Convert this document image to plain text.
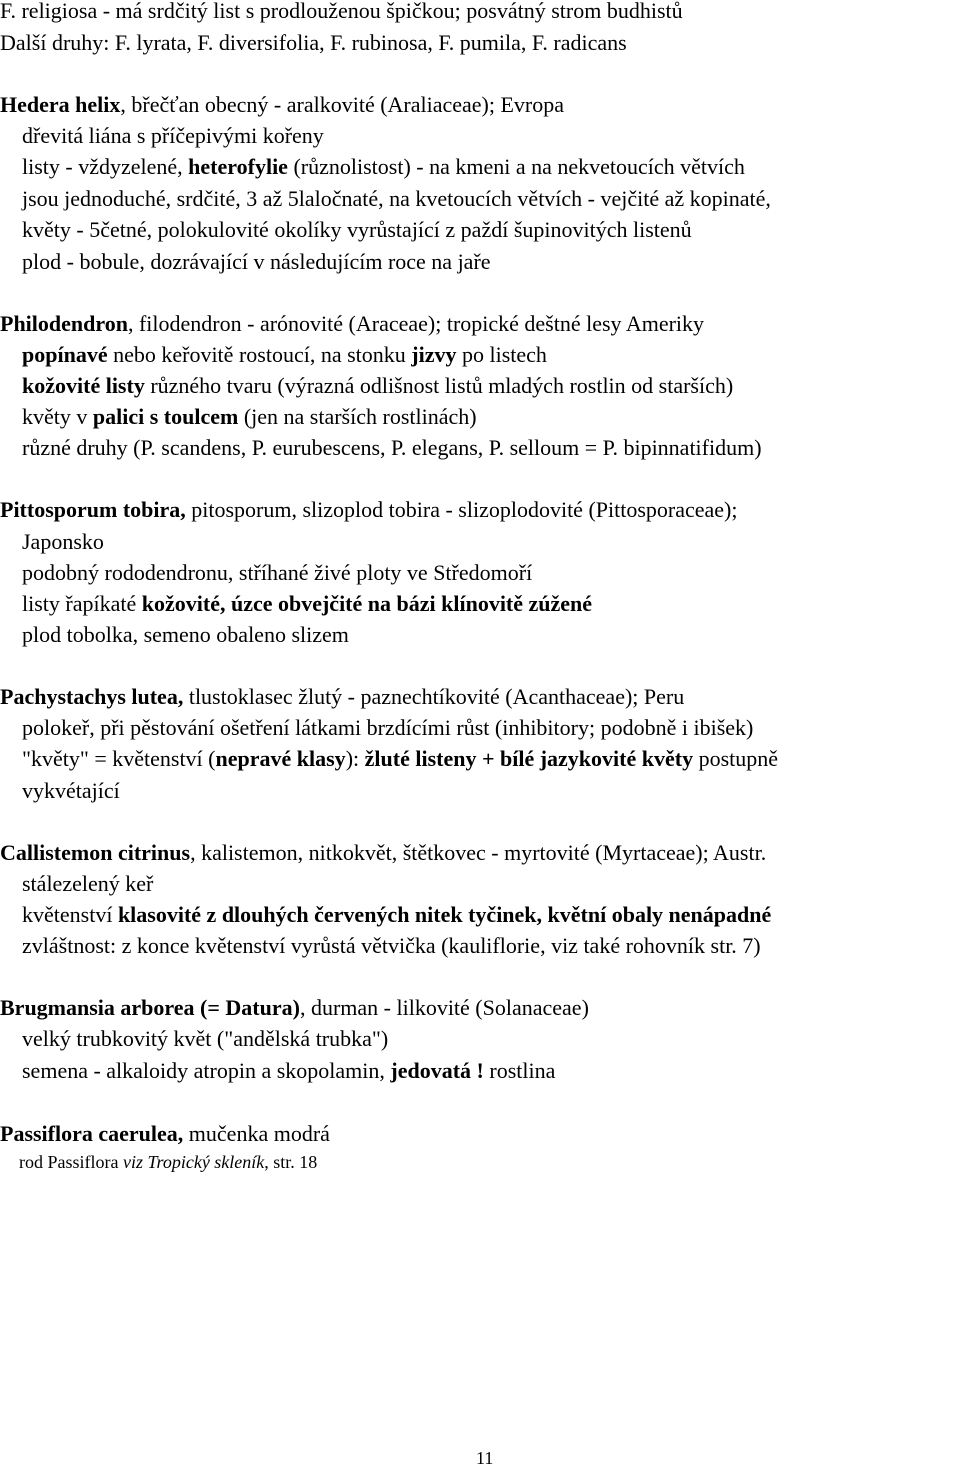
F. religiosa - má srdčitý list s prodlouženou špičkou; posvátný strom budhistů
Další druhy: F. lyrata, F. diversifolia, F. rubinosa, F. pumila, F. radicans
Hedera helix, břečťan obecný - aralkovité (Araliaceae); Evropa
dřevitá liána s příčepivými kořeny
listy - vždyzelené, heterofylie (různolistost) - na kmeni a na nekvetoucích větvích
jsou jednoduché, srdčité, 3 až 5laločnaté, na kvetoucích větvích - vejčité až kopinaté,
květy - 5četné, polokulovité okolíky vyrůstající z paždí šupinovitých listenů
plod - bobule, dozrávající v následujícím roce na jaře
Philodendron, filodendron - arónovité (Araceae); tropické deštné lesy Ameriky
popínavé nebo keřovitě rostoucí, na stonku jizvy po listech
kožovité listy různého tvaru (výrazná odlišnost listů mladých rostlin od starších)
květy v palici s toulcem (jen na starších rostlinách)
různé druhy (P. scandens, P. eurubescens, P. elegans, P. selloum = P. bipinnatifidum)
Pittosporum tobira, pitosporum, slizoplod tobira - slizoplodovité (Pittosporaceae);
Japonsko
podobný rododendronu, stříhané živé ploty ve Středomoří
listy řapíkaté kožovité, úzce obvejčité na bázi klínovitě zúžené
plod tobolka, semeno obaleno slizem
Pachystachys lutea, tlustoklasec žlutý - paznechtíkovité (Acanthaceae); Peru
polokeř, při pěstování ošetření látkami brzdícími růst (inhibitory; podobně i ibišek)
"květy" = květenství (nepravé klasy): žluté listeny + bílé jazykovité květy postupně
vykvétající
Callistemon citrinus, kalistemon, nitkokvět, štětkovec - myrtovité (Myrtaceae); Austr.
stálezelený keř
květenství klasovité z dlouhých červených nitek tyčinek, květní obaly nenápadné
zvláštnost: z konce květenství vyrůstá větvička (kauliflorie, viz také rohovník str. 7)
Brugmansia arborea (= Datura), durman - lilkovité (Solanaceae)
velký trubkovitý květ ("andělská trubka")
semena - alkaloidy atropin a skopolamin, jedovatá ! rostlina
Passiflora caerulea, mučenka modrá
rod Passiflora viz Tropický skleník, str. 18
11
